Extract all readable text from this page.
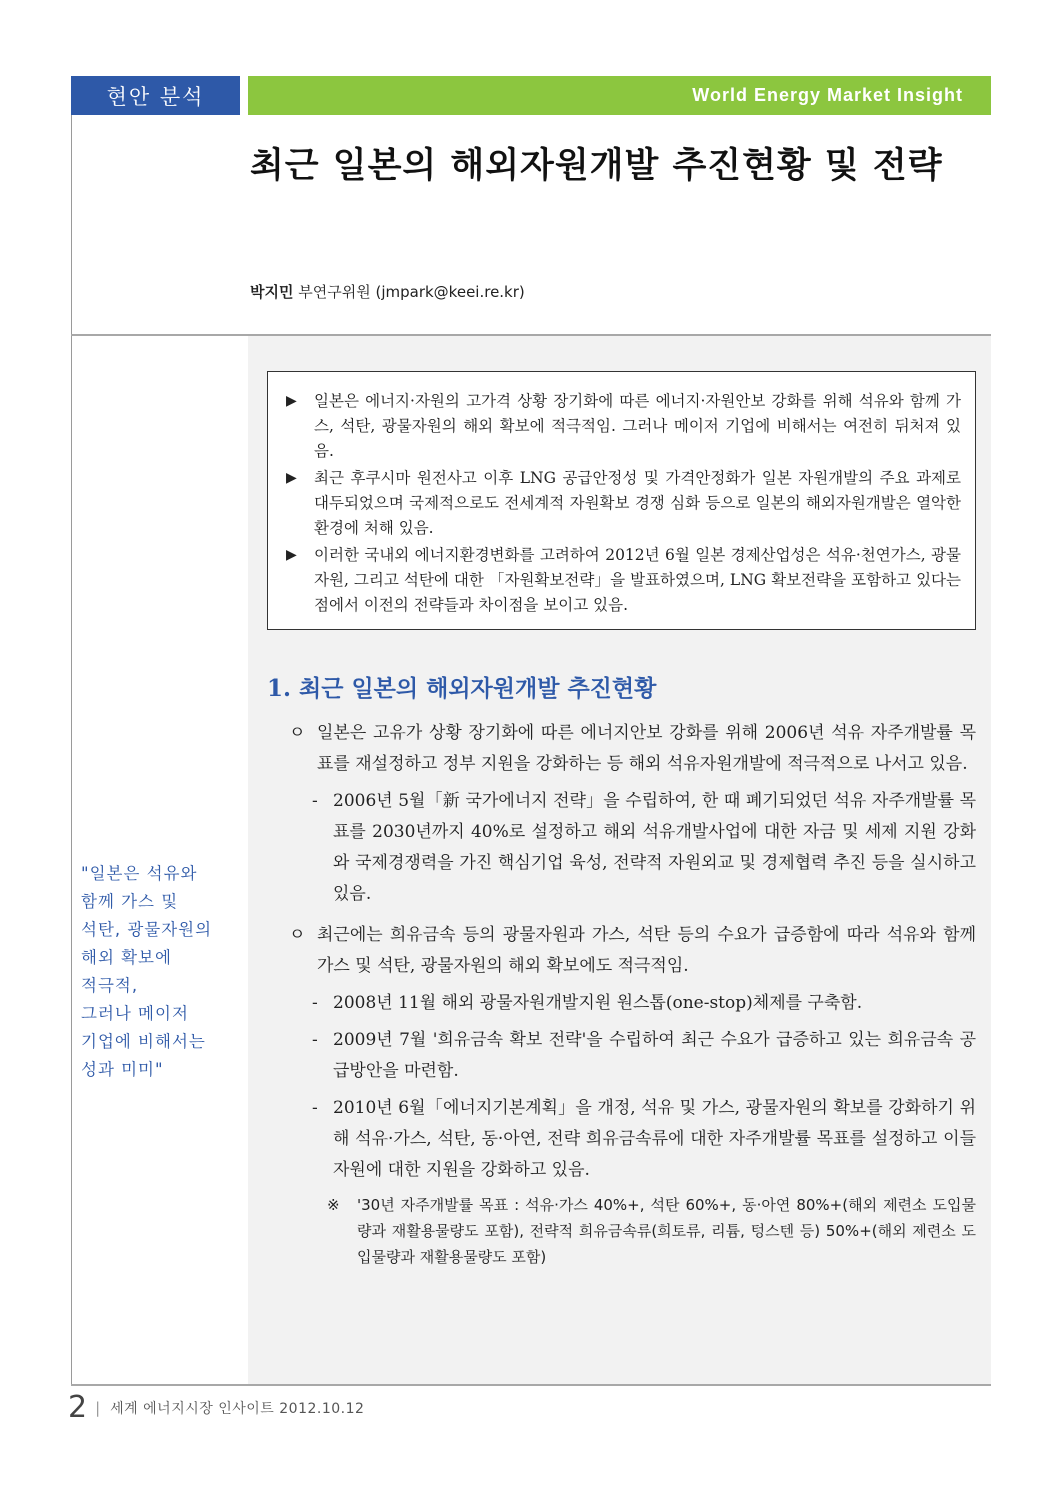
현안 분석	World Energy Market Insight
최근 일본의 해외자원개발 추진현황 및 전략
박지민 부연구위원 (jmpark@keei.re.kr)
▶ 일본은 에너지·자원의 고가격 상황 장기화에 따른 에너지·자원안보 강화를 위해 석유와 함께 가스, 석탄, 광물자원의 해외 확보에 적극적임. 그러나 메이저 기업에 비해서는 여전히 뒤처져 있음.
▶ 최근 후쿠시마 원전사고 이후 LNG 공급안정성 및 가격안정화가 일본 자원개발의 주요 과제로 대두되었으며 국제적으로도 전세계적 자원확보 경쟁 심화 등으로 일본의 해외자원개발은 열악한 환경에 처해 있음.
▶ 이러한 국내외 에너지환경변화를 고려하여 2012년 6월 일본 경제산업성은 석유·천연가스, 광물자원, 그리고 석탄에 대한 「자원확보전략」을 발표하였으며, LNG 확보전략을 포함하고 있다는 점에서 이전의 전략들과 차이점을 보이고 있음.
1. 최근 일본의 해외자원개발 추진현황
ㅇ 일본은 고유가 상황 장기화에 따른 에너지안보 강화를 위해 2006년 석유 자주개발률 목표를 재설정하고 정부 지원을 강화하는 등 해외 석유자원개발에 적극적으로 나서고 있음.
- 2006년 5월「新 국가에너지 전략」을 수립하여, 한 때 폐기되었던 석유 자주개발률 목표를 2030년까지 40%로 설정하고 해외 석유개발사업에 대한 자금 및 세제 지원 강화와 국제경쟁력을 가진 핵심기업 육성, 전략적 자원외교 및 경제협력 추진 등을 실시하고 있음.
ㅇ 최근에는 희유금속 등의 광물자원과 가스, 석탄 등의 수요가 급증함에 따라 석유와 함께 가스 및 석탄, 광물자원의 해외 확보에도 적극적임.
- 2008년 11월 해외 광물자원개발지원 원스톱(one-stop)체제를 구축함.
- 2009년 7월 '희유금속 확보 전략'을 수립하여 최근 수요가 급증하고 있는 희유금속 공급방안을 마련함.
- 2010년 6월「에너지기본계획」을 개정, 석유 및 가스, 광물자원의 확보를 강화하기 위해 석유·가스, 석탄, 동·아연, 전략 희유금속류에 대한 자주개발률 목표를 설정하고 이들 자원에 대한 지원을 강화하고 있음.
※ '30년 자주개발률 목표 : 석유·가스 40%+, 석탄 60%+, 동·아연 80%+(해외 제련소 도입물량과 재활용물량도 포함), 전략적 희유금속류(희토류, 리튬, 텅스텐 등) 50%+(해외 제련소 도입물량과 재활용물량도 포함)
"일본은 석유와
함께 가스 및
석탄, 광물자원의
해외 확보에
적극적,
그러나 메이저
기업에 비해서는
성과 미미"
2 | 세계 에너지시장 인사이트 2012.10.12
